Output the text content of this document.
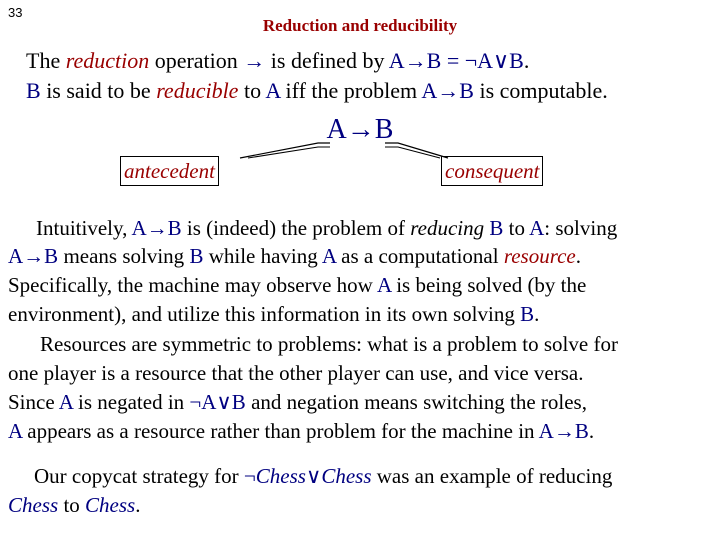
33
Reduction and reducibility
The reduction operation → is defined by A→B = ¬A∨B.
B is said to be reducible to A iff the problem A→B is computable.
A→B
antecedent	consequent
Intuitively, A→B is (indeed) the problem of reducing B to A: solving
A→B means solving B while having A as a computational resource.
Specifically, the machine may observe how A is being solved (by the
environment), and utilize this information in its own solving B.
Resources are symmetric to problems: what is a problem to solve for
one player is a resource that the other player can use, and vice versa.
Since A is negated in ¬A∨B and negation means switching the roles,
A appears as a resource rather than problem for the machine in A→B.
Our copycat strategy for ¬Chess∨Chess was an example of reducing
Chess to Chess.
